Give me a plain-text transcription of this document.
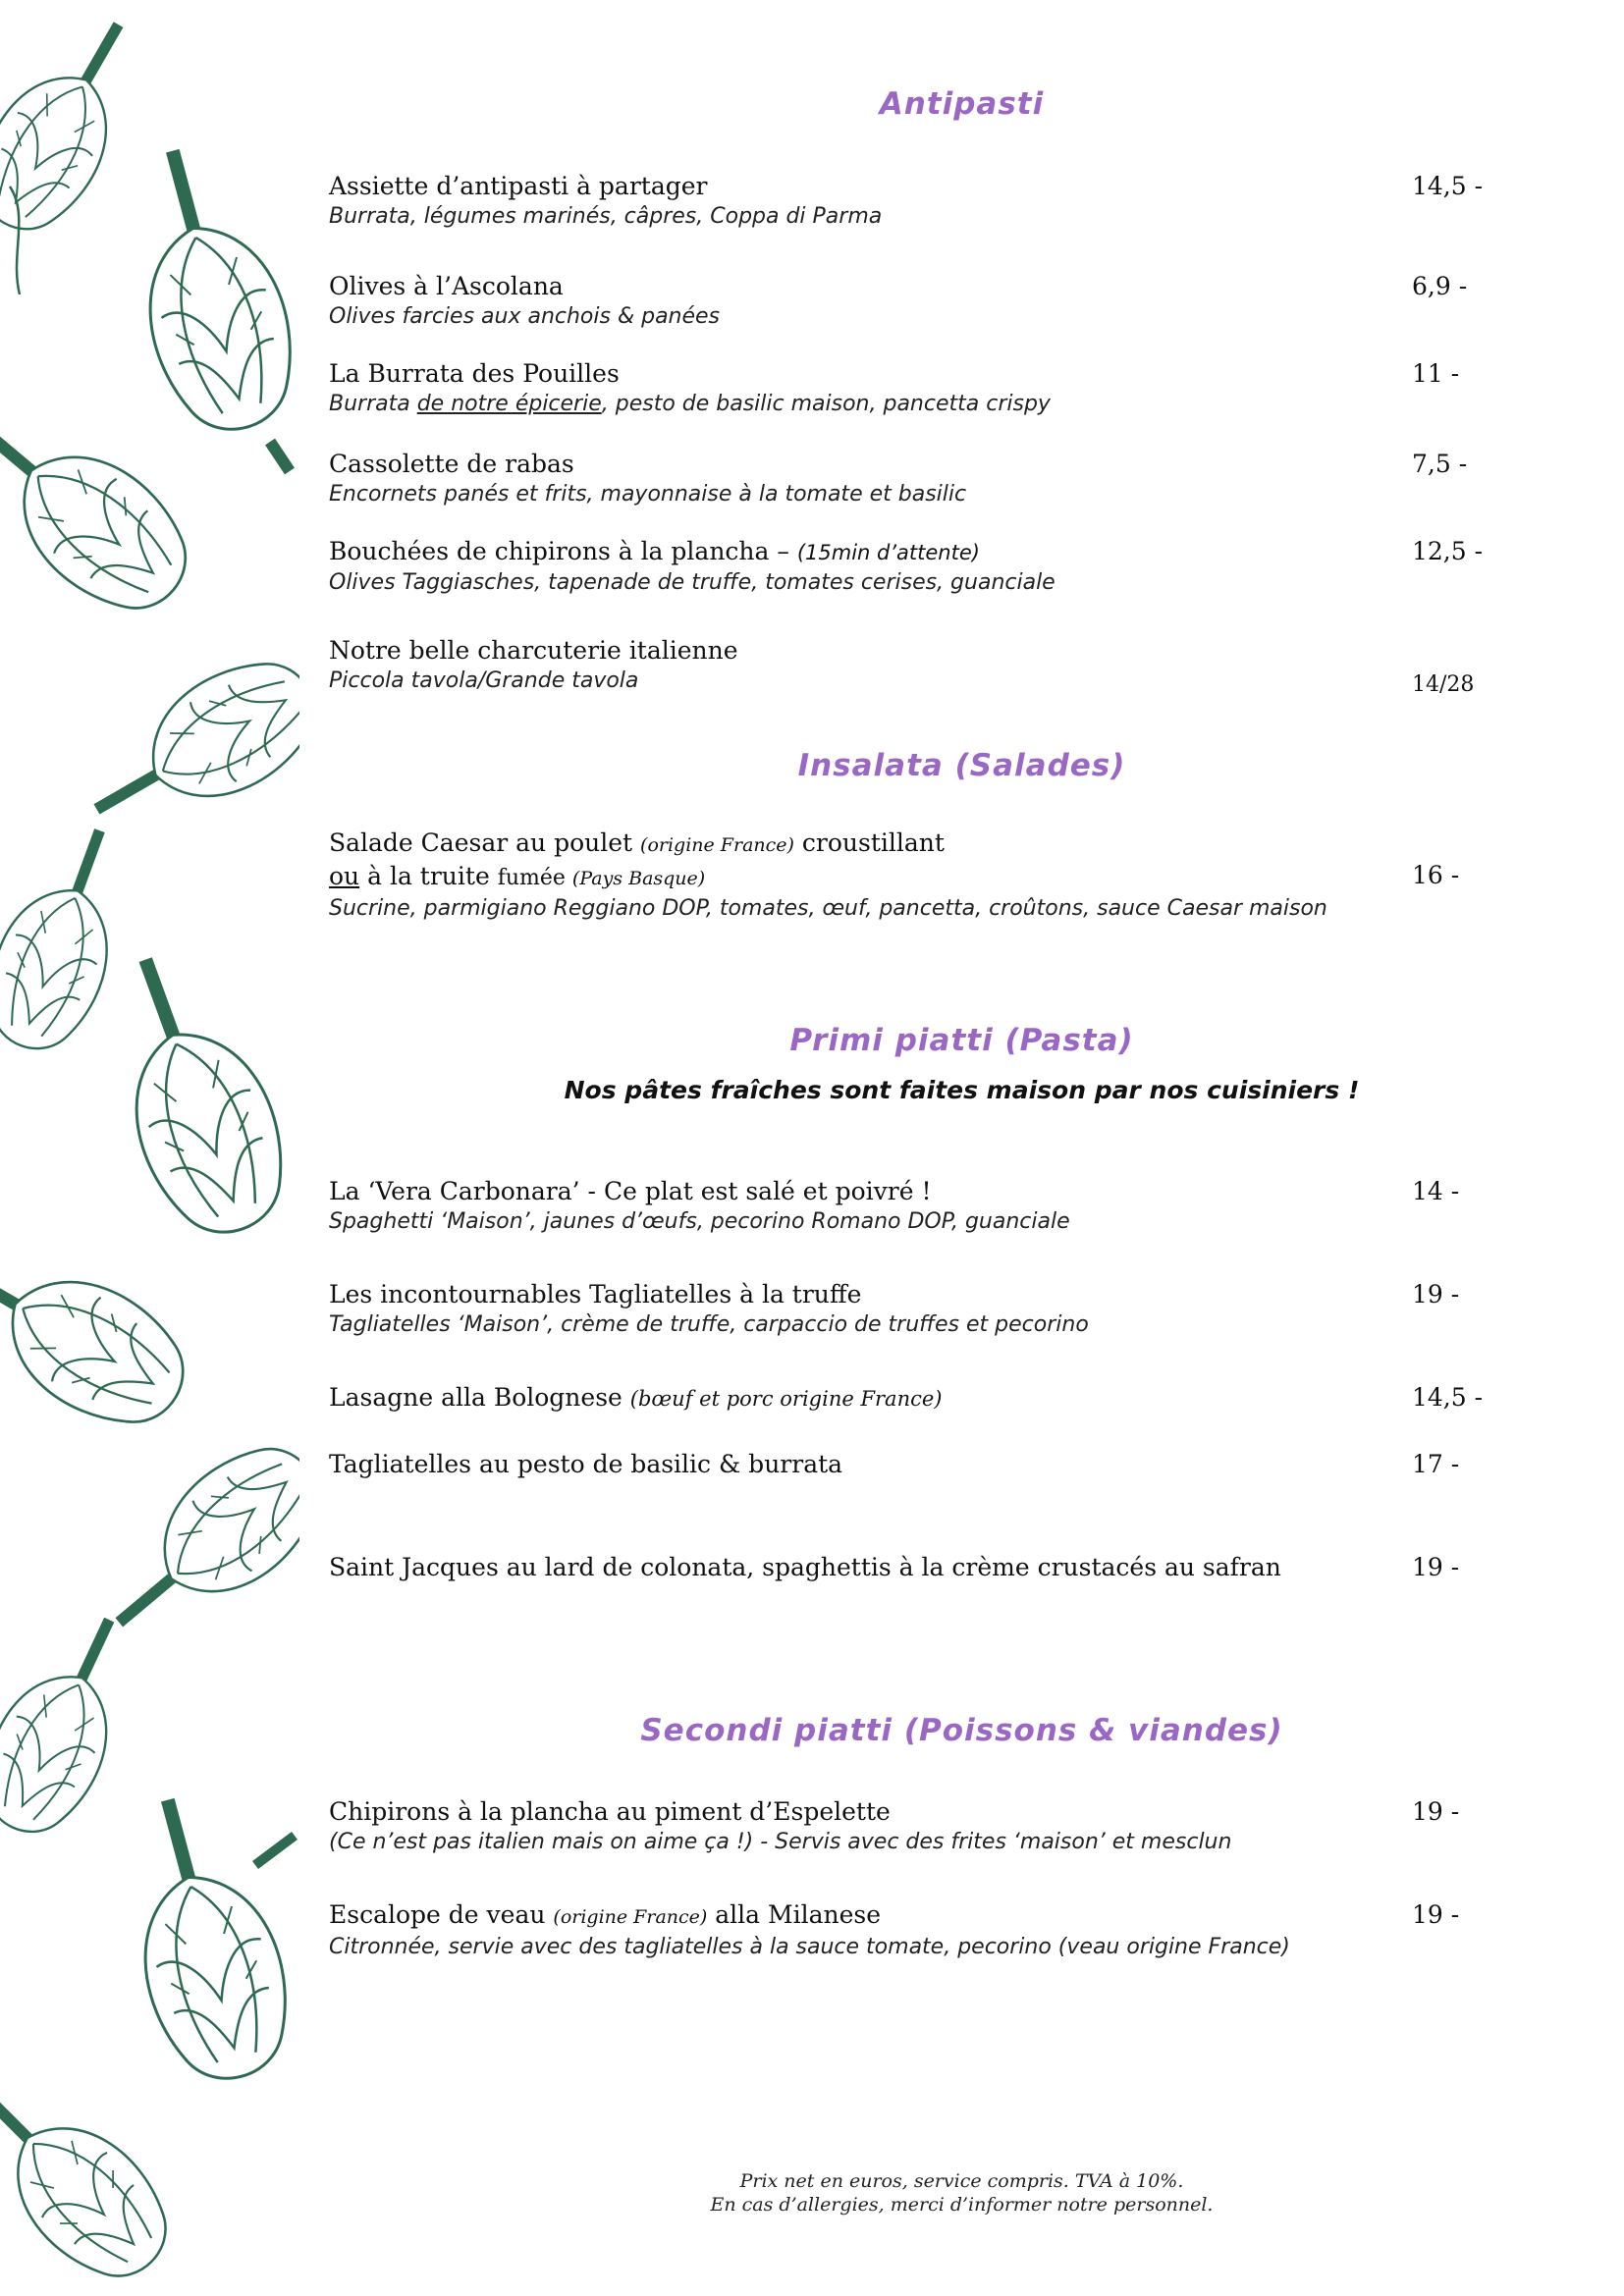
Antipasti
Assiette d’antipasti à partager
Burrata, légumes marinés, câpres, Coppa di Parma
14,5 -
Olives à l’Ascolana
Olives farcies aux anchois & panées
6,9 -
La Burrata des Pouilles
Burrata de notre épicerie, pesto de basilic maison, pancetta crispy
11 -
Cassolette de rabas
Encornets panés et frits, mayonnaise à la tomate et basilic
7,5 -
Bouchées de chipirons à la plancha – (15min d’attente)
Olives Taggiasches, tapenade de truffe, tomates cerises, guanciale
12,5 -
Notre belle charcuterie italienne
Piccola tavola/Grande tavola	14/28
Insalata (Salades)
Salade Caesar au poulet (origine France) croustillant
ou à la truite fumée (Pays Basque)
Sucrine, parmigiano Reggiano DOP, tomates, œuf, pancetta, croûtons, sauce Caesar maison
16 -
Primi piatti (Pasta)
Nos pâtes fraîches sont faites maison par nos cuisiniers !
La ‘Vera Carbonara’ - Ce plat est salé et poivré !
Spaghetti ‘Maison’, jaunes d’œufs, pecorino Romano DOP, guanciale
14 -
Les incontournables Tagliatelles à la truffe
Tagliatelles ‘Maison’, crème de truffe, carpaccio de truffes et pecorino
19 -
Lasagne alla Bolognese (bœuf et porc origine France)	14,5 -
Tagliatelles au pesto de basilic & burrata	17 -
Saint Jacques au lard de colonata, spaghettis à la crème crustacés au safran	19 -
Secondi piatti (Poissons & viandes)
Chipirons à la plancha au piment d’Espelette
(Ce n’est pas italien mais on aime ça !) - Servis avec des frites ‘maison’ et mesclun
19 -
Escalope de veau (origine France) alla Milanese
Citronnée, servie avec des tagliatelles à la sauce tomate, pecorino (veau origine France)
19 -
Prix net en euros, service compris. TVA à 10%.
En cas d’allergies, merci d’informer notre personnel.
